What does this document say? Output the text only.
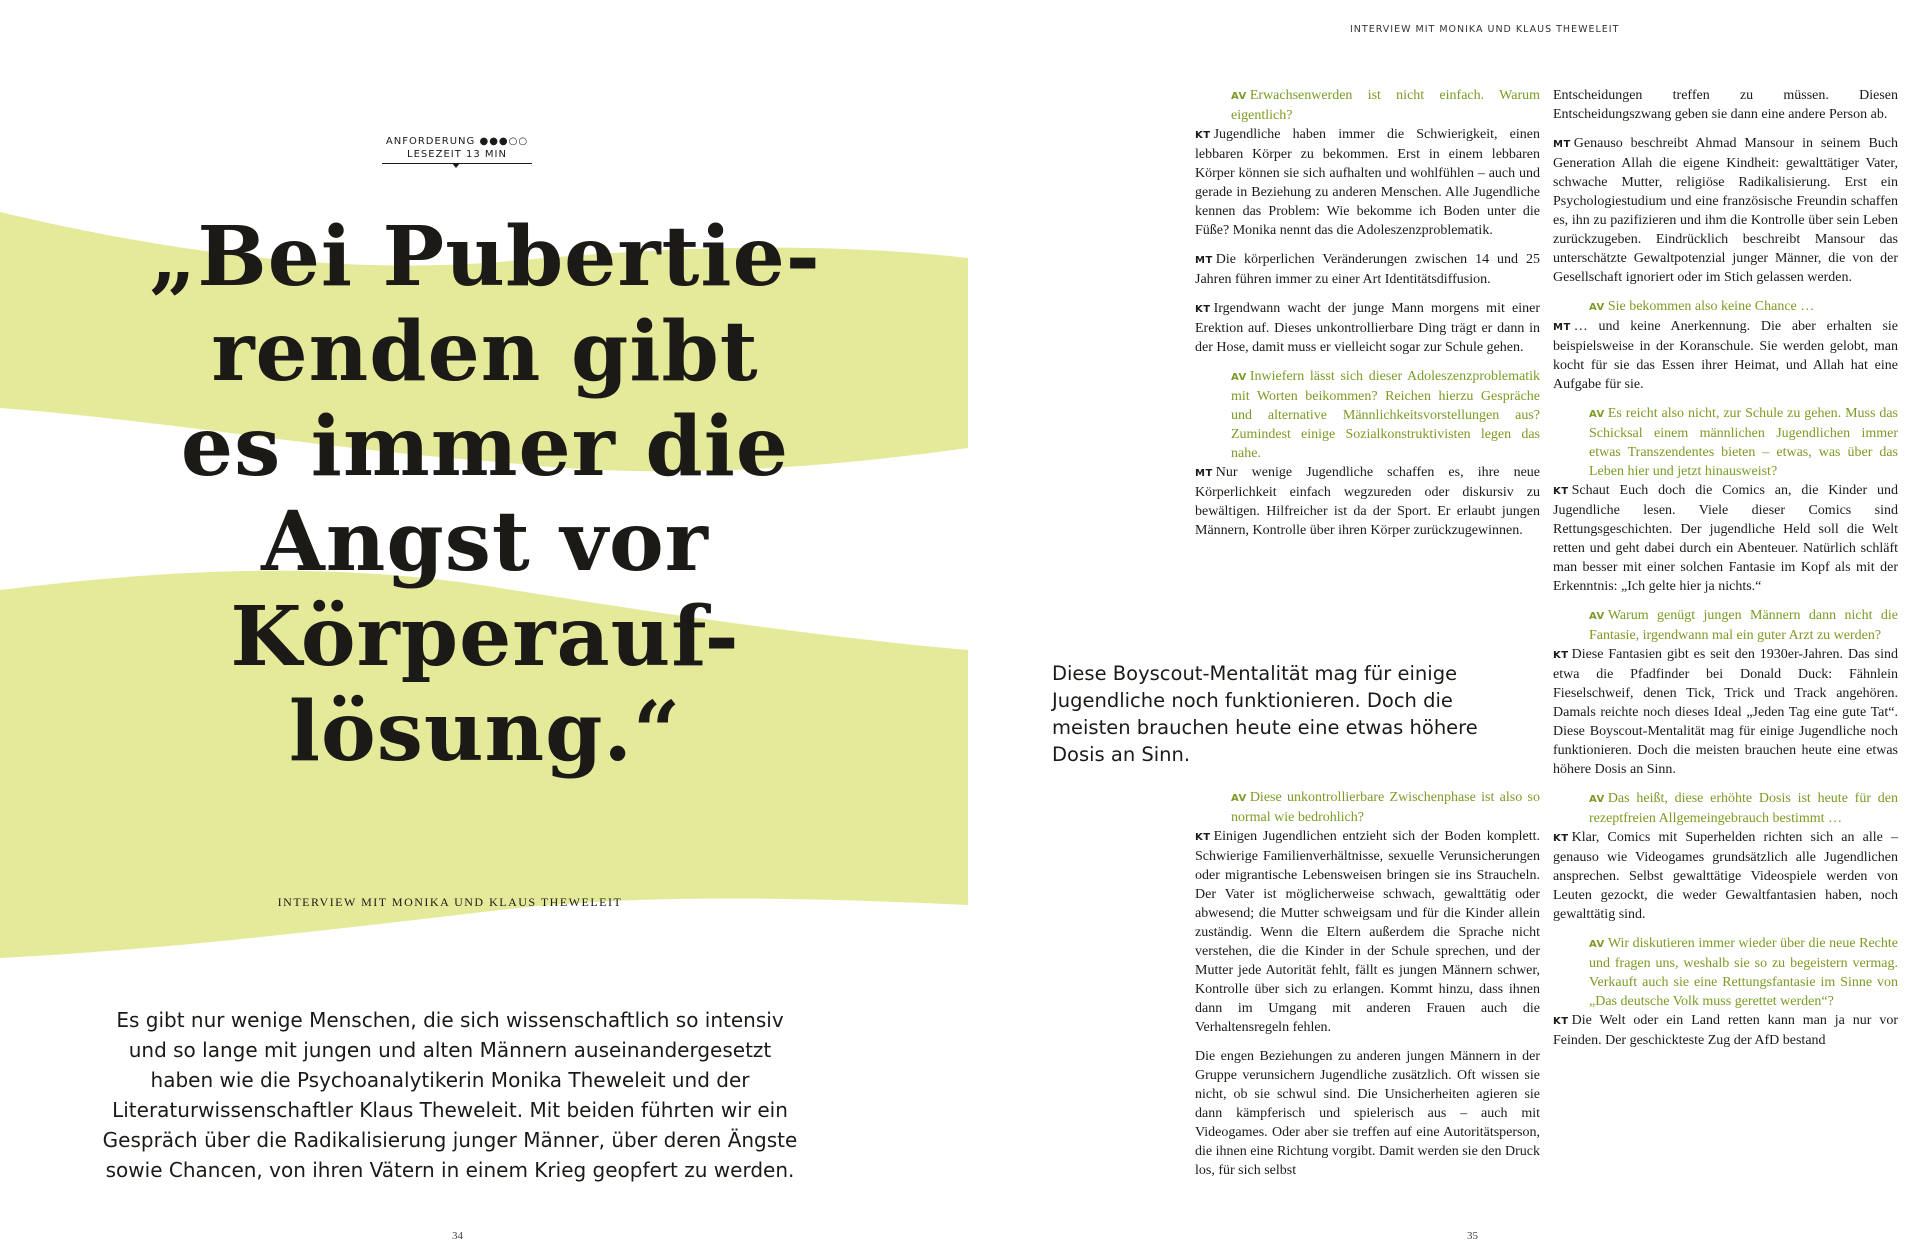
ANFORDERUNG ●●●○○
LESEZEIT 13 MIN
„Bei Pubertie-
renden gibt
es immer die
Angst vor
Körperauf-
lösung.“
INTERVIEW MIT MONIKA UND KLAUS THEWELEIT

Es gibt nur wenige Menschen, die sich wissenschaftlich so intensiv und so lange mit jungen und alten Männern auseinandergesetzt haben wie die Psychoanalytikerin Monika Theweleit und der Literaturwissenschaftler Klaus Theweleit. Mit beiden führten wir ein Gespräch über die Radikalisierung junger Männer, über deren Ängste sowie Chancen, von ihren Vätern in einem Krieg geopfert zu werden.

34
INTERVIEW MIT MONIKA UND KLAUS THEWELEIT

AV Erwachsenwerden ist nicht einfach. Warum eigentlich?

KT Jugendliche haben immer die Schwierigkeit, einen lebbaren Körper zu bekommen. Erst in einem lebbaren Körper können sie sich aufhalten und wohlfühlen – auch und gerade in Beziehung zu anderen Menschen. Alle Jugendliche kennen das Problem: Wie bekomme ich Boden unter die Füße? Monika nennt das die Adoleszenzproblematik.

MT Die körperlichen Veränderungen zwischen 14 und 25 Jahren führen immer zu einer Art Identitätsdiffusion.

KT Irgendwann wacht der junge Mann morgens mit einer Erektion auf. Dieses unkontrollierbare Ding trägt er dann in der Hose, damit muss er vielleicht sogar zur Schule gehen.

AV Inwiefern lässt sich dieser Adoleszenzproblematik mit Worten beikommen? Reichen hierzu Gespräche und alternative Männlichkeitsvorstellungen aus? Zumindest einige Sozialkonstruktivisten legen das nahe.

MT Nur wenige Jugendliche schaffen es, ihre neue Körperlichkeit einfach wegzureden oder diskursiv zu bewältigen. Hilfreicher ist da der Sport. Er erlaubt jungen Männern, Kontrolle über ihren Körper zurückzugewinnen.

Diese Boyscout-Mentalität mag für einige Jugendliche noch funktionieren. Doch die meisten brauchen heute eine etwas höhere Dosis an Sinn.

AV Diese unkontrollierbare Zwischenphase ist also so normal wie bedrohlich?

KT Einigen Jugendlichen entzieht sich der Boden komplett. Schwierige Familienverhältnisse, sexuelle Verunsicherungen oder migrantische Lebensweisen bringen sie ins Straucheln. Der Vater ist möglicherweise schwach, gewalttätig oder abwesend; die Mutter schweigsam und für die Kinder allein zuständig. Wenn die Eltern außerdem die Sprache nicht verstehen, die die Kinder in der Schule sprechen, und der Mutter jede Autorität fehlt, fällt es jungen Männern schwer, Kontrolle über sich zu erlangen. Kommt hinzu, dass ihnen dann im Umgang mit anderen Frauen auch die Verhaltensregeln fehlen.

Die engen Beziehungen zu anderen jungen Männern in der Gruppe verunsichern Jugendliche zusätzlich. Oft wissen sie nicht, ob sie schwul sind. Die Unsicherheiten agieren sie dann kämpferisch und spielerisch aus – auch mit Videogames. Oder aber sie treffen auf eine Autoritätsperson, die ihnen eine Richtung vorgibt. Damit werden sie den Druck los, für sich selbst

Entscheidungen treffen zu müssen. Diesen Entscheidungszwang geben sie dann eine andere Person ab.

MT Genauso beschreibt Ahmad Mansour in seinem Buch Generation Allah die eigene Kindheit: gewalttätiger Vater, schwache Mutter, religiöse Radikalisierung. Erst ein Psychologiestudium und eine französische Freundin schaffen es, ihn zu pazifizieren und ihm die Kontrolle über sein Leben zurückzugeben. Eindrücklich beschreibt Mansour das unterschätzte Gewaltpotenzial junger Männer, die von der Gesellschaft ignoriert oder im Stich gelassen werden.

AV Sie bekommen also keine Chance …

MT … und keine Anerkennung. Die aber erhalten sie beispielsweise in der Koranschule. Sie werden gelobt, man kocht für sie das Essen ihrer Heimat, und Allah hat eine Aufgabe für sie.

AV Es reicht also nicht, zur Schule zu gehen. Muss das Schicksal einem männlichen Jugendlichen immer etwas Transzendentes bieten – etwas, was über das Leben hier und jetzt hinausweist?

KT Schaut Euch doch die Comics an, die Kinder und Jugendliche lesen. Viele dieser Comics sind Rettungsgeschichten. Der jugendliche Held soll die Welt retten und geht dabei durch ein Abenteuer. Natürlich schläft man besser mit einer solchen Fantasie im Kopf als mit der Erkenntnis: „Ich gelte hier ja nichts.“

AV Warum genügt jungen Männern dann nicht die Fantasie, irgendwann mal ein guter Arzt zu werden?

KT Diese Fantasien gibt es seit den 1930er-Jahren. Das sind etwa die Pfadfinder bei Donald Duck: Fähnlein Fieselschweif, denen Tick, Trick und Track angehören. Damals reichte noch dieses Ideal „Jeden Tag eine gute Tat“. Diese Boyscout-Mentalität mag für einige Jugendliche noch funktionieren. Doch die meisten brauchen heute eine etwas höhere Dosis an Sinn.

AV Das heißt, diese erhöhte Dosis ist heute für den rezeptfreien Allgemeingebrauch bestimmt …

KT Klar, Comics mit Superhelden richten sich an alle – genauso wie Videogames grundsätzlich alle Jugendlichen ansprechen. Selbst gewalttätige Videospiele werden von Leuten gezockt, die weder Gewaltfantasien haben, noch gewalttätig sind.

AV Wir diskutieren immer wieder über die neue Rechte und fragen uns, weshalb sie so zu begeistern vermag. Verkauft auch sie eine Rettungsfantasie im Sinne von „Das deutsche Volk muss gerettet werden“?

KT Die Welt oder ein Land retten kann man ja nur vor Feinden. Der geschickteste Zug der AfD bestand

35
